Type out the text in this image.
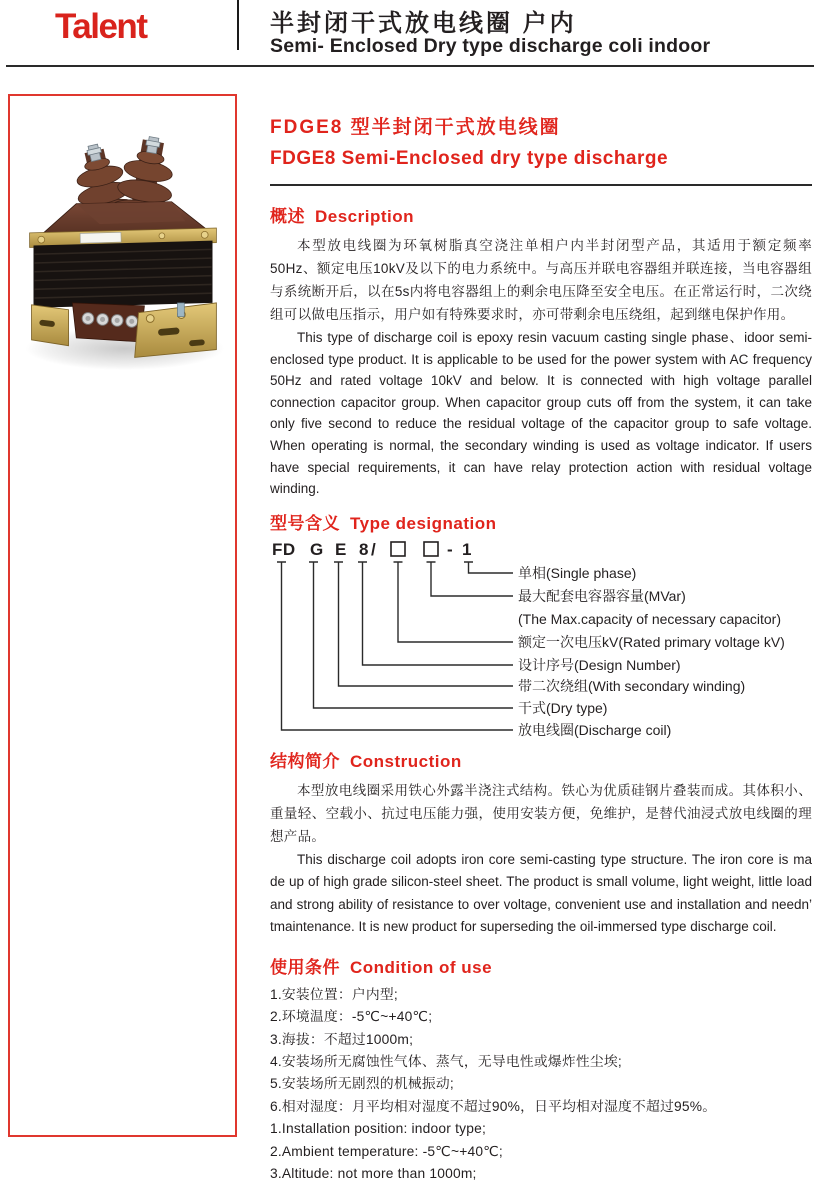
Talent	半封闭干式放电线圈 户内
Semi- Enclosed Dry type discharge coli indoor
FDGE8 型半封闭干式放电线圈
FDGE8 Semi-Enclosed dry type discharge
概述 Description

本型放电线圈为环氧树脂真空浇注单相户内半封闭型产品，其适用于额定频率50Hz、额定电压10kV及以下的电力系统中。与高压并联电容器组并联连接，当电容器组与系统断开后，以在5s内将电容器组上的剩余电压降至安全电压。在正常运行时，二次绕组可以做电压指示，用户如有特殊要求时，亦可带剩余电压绕组，起到继电保护作用。

This type of discharge coil is epoxy resin vacuum casting single phase、idoor semi-enclosed type product. It is applicable to be used for the power system with AC frequency 50Hz and rated voltage 10kV and below. It is connected with high voltage parallel connection capacitor group. When capacitor group cuts off from the system, it can take only five second to reduce the residual voltage of the capacitor group to safe voltage. When operating is normal, the secondary winding is used as voltage indicator. If users have special requirements, it can have relay protection action with residual voltage winding.

型号含义 Type designation
FD G E 8 /	- 1
单相(Single phase)
最大配套电容器容量(MVar)
(The Max.capacity of necessary capacitor)
额定一次电压kV(Rated primary voltage kV)
设计序号(Design Number)
带二次绕组(With secondary winding)
干式(Dry type)
放电线圈(Discharge coil)
结构简介 Construction

本型放电线圈采用铁心外露半浇注式结构。铁心为优质硅钢片叠装而成。其体积小、重量轻、空载小、抗过电压能力强，使用安装方便，免维护，是替代油浸式放电线圈的理想产品。

This discharge coil adopts iron core semi-casting type structure. The iron core is ma de up of high grade silicon-steel sheet. The product is small volume, light weight, little load and strong ability of resistance to over voltage, convenient use and installation and needn’ tmaintenance. It is new product for superseding the oil-immersed type discharge coil.

使用条件 Condition of use
1.安装位置：户内型;
2.环境温度：-5℃~+40℃;
3.海拔：不超过1000m;
4.安装场所无腐蚀性气体、蒸气，无导电性或爆炸性尘埃;
5.安装场所无剧烈的机械振动;
6.相对湿度：月平均相对湿度不超过90%，日平均相对湿度不超过95%。
1.Installation position: indoor type;
2.Ambient temperature: -5℃~+40℃;
3.Altitude: not more than 1000m;
